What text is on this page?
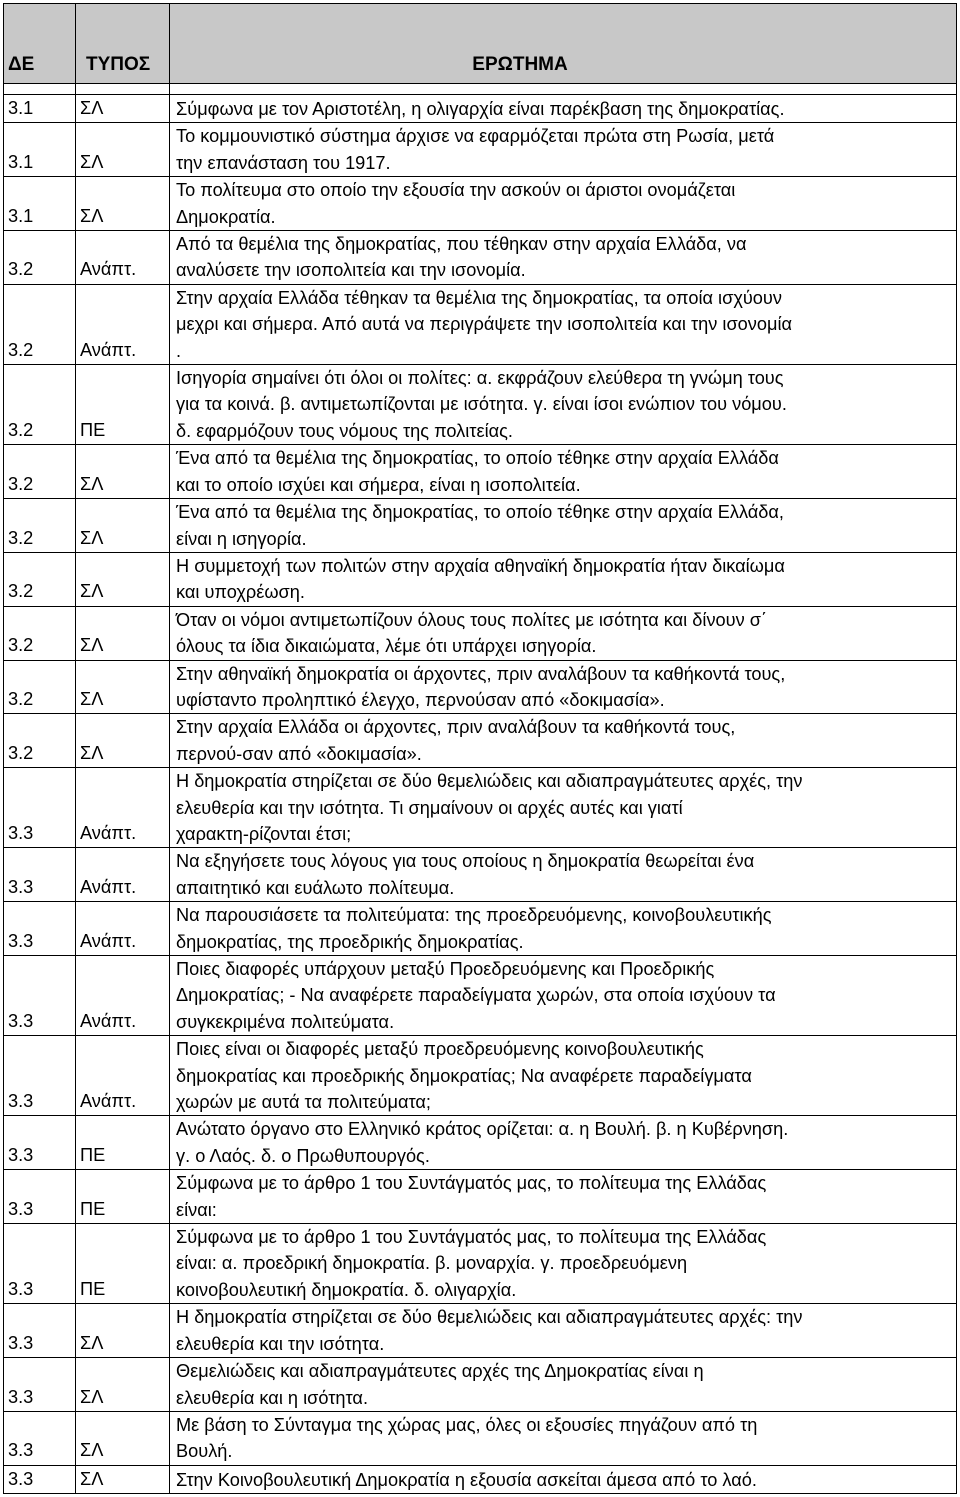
ΔΕ	ΤΥΠΟΣ	ΕΡΩΤΗΜΑ

3.1	ΣΛ	Σύμφωνα με τον Αριστοτέλη, η ολιγαρχία είναι παρέκβαση της δημοκρατίας.
3.1	ΣΛ	Το κομμουνιστικό σύστημα άρχισε να εφαρμόζεται πρώτα στη Ρωσία, μετά
την επανάσταση του 1917.
3.1	ΣΛ	Το πολίτευμα στο οποίο την εξουσία την ασκούν οι άριστοι ονομάζεται
Δημοκρατία.
3.2	Ανάπτ.	Από τα θεμέλια της δημοκρατίας, που τέθηκαν στην αρχαία Ελλάδα, να
αναλύσετε την ισοπολιτεία και την ισονομία.
3.2	Ανάπτ.	Στην αρχαία Ελλάδα τέθηκαν τα θεμέλια της δημοκρατίας, τα οποία ισχύουν
μεχρι και σήμερα. Από αυτά να περιγράψετε την ισοπολιτεία και την ισονομία
.
3.2	ΠΕ	Ισηγορία σημαίνει ότι όλοι οι πολίτες: α. εκφράζουν ελεύθερα τη γνώμη τους
για τα κοινά. β. αντιμετωπίζονται με ισότητα. γ. είναι ίσοι ενώπιον του νόμου.
δ. εφαρμόζουν τους νόμους της πολιτείας.
3.2	ΣΛ	Ένα από τα θεμέλια της δημοκρατίας, το οποίο τέθηκε στην αρχαία Ελλάδα
και το οποίο ισχύει και σήμερα, είναι η ισοπολιτεία.
3.2	ΣΛ	Ένα από τα θεμέλια της δημοκρατίας, το οποίο τέθηκε στην αρχαία Ελλάδα,
είναι η ισηγορία.
3.2	ΣΛ	Η συμμετοχή των πολιτών στην αρχαία αθηναϊκή δημοκρατία ήταν δικαίωμα
και υποχρέωση.
3.2	ΣΛ	Όταν οι νόμοι αντιμετωπίζουν όλους τους πολίτες με ισότητα και δίνουν σ΄
όλους τα ίδια δικαιώματα, λέμε ότι υπάρχει ισηγορία.
3.2	ΣΛ	Στην αθηναϊκή δημοκρατία οι άρχοντες, πριν αναλάβουν τα καθήκοντά τους,
υφίσταντο προληπτικό έλεγχο, περνούσαν από «δοκιμασία».
3.2	ΣΛ	Στην αρχαία Ελλάδα οι άρχοντες, πριν αναλάβουν τα καθήκοντά τους,
περνού-σαν από «δοκιμασία».
3.3	Ανάπτ.	Η δημοκρατία στηρίζεται σε δύο θεμελιώδεις και αδιαπραγμάτευτες αρχές, την
ελευθερία και την ισότητα. Τι σημαίνουν οι αρχές αυτές και γιατί
χαρακτη-ρίζονται έτσι;
3.3	Ανάπτ.	Να εξηγήσετε τους λόγους για τους οποίους η δημοκρατία θεωρείται ένα
απαιτητικό και ευάλωτο πολίτευμα.
3.3	Ανάπτ.	Να παρουσιάσετε τα πολιτεύματα: της προεδρευόμενης, κοινοβουλευτικής
δημοκρατίας, της προεδρικής δημοκρατίας.
3.3	Ανάπτ.	Ποιες διαφορές υπάρχουν μεταξύ Προεδρευόμενης και Προεδρικής
Δημοκρατίας; - Να αναφέρετε παραδείγματα χωρών, στα οποία ισχύουν τα
συγκεκριμένα πολιτεύματα.
3.3	Ανάπτ.	Ποιες είναι οι διαφορές μεταξύ προεδρευόμενης κοινοβουλευτικής
δημοκρατίας και προεδρικής δημοκρατίας; Να αναφέρετε παραδείγματα
χωρών με αυτά τα πολιτεύματα;
3.3	ΠΕ	Ανώτατο όργανο στο Ελληνικό κράτος ορίζεται: α. η Βουλή. β. η Κυβέρνηση.
γ. ο Λαός. δ. ο Πρωθυπουργός.
3.3	ΠΕ	Σύμφωνα με το άρθρο 1 του Συντάγματός μας, το πολίτευμα της Ελλάδας
είναι:
3.3	ΠΕ	Σύμφωνα με το άρθρο 1 του Συντάγματός μας, το πολίτευμα της Ελλάδας
είναι: α. προεδρική δημοκρατία. β. μοναρχία. γ. προεδρευόμενη
κοινοβουλευτική δημοκρατία. δ. ολιγαρχία.
3.3	ΣΛ	Η δημοκρατία στηρίζεται σε δύο θεμελιώδεις και αδιαπραγμάτευτες αρχές: την
ελευθερία και την ισότητα.
3.3	ΣΛ	Θεμελιώδεις και αδιαπραγμάτευτες αρχές της Δημοκρατίας είναι η
ελευθερία και η ισότητα.
3.3	ΣΛ	Με βάση το Σύνταγμα της χώρας μας, όλες οι εξουσίες πηγάζουν από τη
Βουλή.
3.3	ΣΛ	Στην Κοινοβουλευτική Δημοκρατία η εξουσία ασκείται άμεσα από το λαό.
